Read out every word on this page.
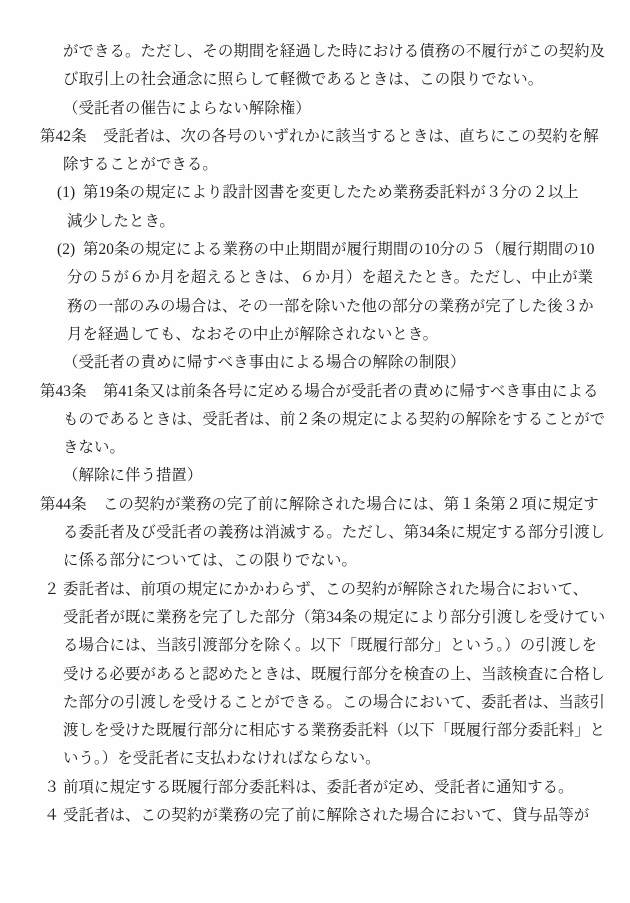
ができる。ただし、その期間を経過した時における債務の不履行がこの契約及
び取引上の社会通念に照らして軽微であるときは、この限りでない。
（受託者の催告によらない解除権）
第42条 受託者は、次の各号のいずれかに該当するときは、直ちにこの契約を解
除することができる。
(1) 第19条の規定により設計図書を変更したため業務委託料が３分の２以上
減少したとき。
(2) 第20条の規定による業務の中止期間が履行期間の10分の５（履行期間の10
分の５が６か月を超えるときは、６か月）を超えたとき。ただし、中止が業
務の一部のみの場合は、その一部を除いた他の部分の業務が完了した後３か
月を経過しても、なおその中止が解除されないとき。
（受託者の責めに帰すべき事由による場合の解除の制限）
第43条 第41条又は前条各号に定める場合が受託者の責めに帰すべき事由による
ものであるときは、受託者は、前２条の規定による契約の解除をすることがで
きない。
（解除に伴う措置）
第44条 この契約が業務の完了前に解除された場合には、第１条第２項に規定す
る委託者及び受託者の義務は消滅する。ただし、第34条に規定する部分引渡し
に係る部分については、この限りでない。
２ 委託者は、前項の規定にかかわらず、この契約が解除された場合において、
受託者が既に業務を完了した部分（第34条の規定により部分引渡しを受けてい
る場合には、当該引渡部分を除く。以下「既履行部分」という。）の引渡しを
受ける必要があると認めたときは、既履行部分を検査の上、当該検査に合格し
た部分の引渡しを受けることができる。この場合において、委託者は、当該引
渡しを受けた既履行部分に相応する業務委託料（以下「既履行部分委託料」と
いう。）を受託者に支払わなければならない。
３ 前項に規定する既履行部分委託料は、委託者が定め、受託者に通知する。
４ 受託者は、この契約が業務の完了前に解除された場合において、貸与品等が
